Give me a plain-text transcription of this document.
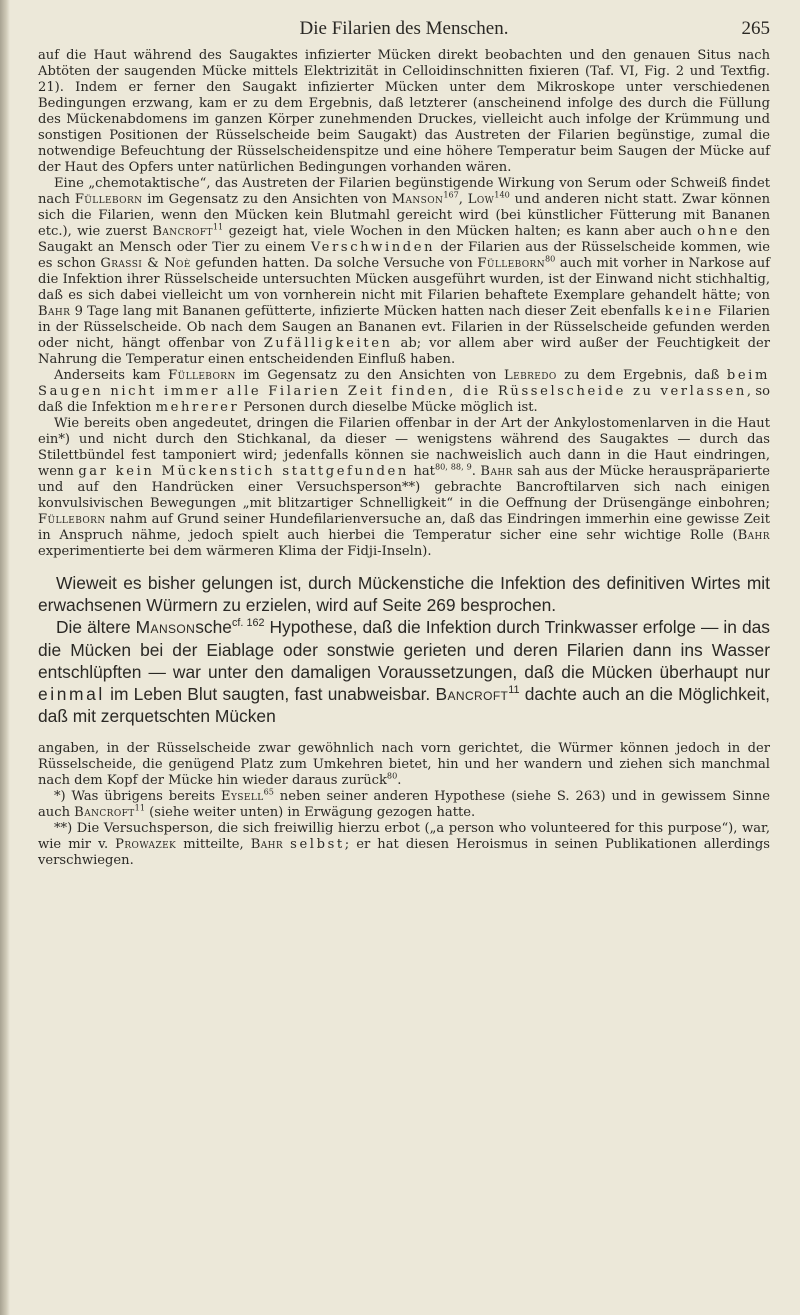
Die Filarien des Menschen.	265

auf die Haut während des Saugaktes infizierter Mücken direkt beobachten und den genauen Situs nach Abtöten der saugenden Mücke mittels Elektrizität in Celloidinschnitten fixieren (Taf. VI, Fig. 2 und Textfig. 21). Indem er ferner den Saugakt infizierter Mücken unter dem Mikroskope unter verschiedenen Bedingungen erzwang, kam er zu dem Ergebnis, daß letzterer (anscheinend infolge des durch die Füllung des Mückenabdomens im ganzen Körper zunehmenden Druckes, vielleicht auch infolge der Krümmung und sonstigen Positionen der Rüsselscheide beim Saugakt) das Austreten der Filarien begünstige, zumal die notwendige Befeuchtung der Rüsselscheidenspitze und eine höhere Temperatur beim Saugen der Mücke auf der Haut des Opfers unter natürlichen Bedingungen vorhanden wären.

Eine „chemotaktische“, das Austreten der Filarien begünstigende Wirkung von Serum oder Schweiß findet nach Fülleborn im Gegensatz zu den Ansichten von Manson$^{167}$, Low$^{140}$ und anderen nicht statt. Zwar können sich die Filarien, wenn den Mücken kein Blutmahl gereicht wird (bei künstlicher Fütterung mit Bananen etc.), wie zuerst Bancroft$^{11}$ gezeigt hat, viele Wochen in den Mücken halten; es kann aber auch ohne den Saugakt an Mensch oder Tier zu einem Verschwinden der Filarien aus der Rüsselscheide kommen, wie es schon Grassi & Noè gefunden hatten. Da solche Versuche von Fülleborn$^{80}$ auch mit vorher in Narkose auf die Infektion ihrer Rüsselscheide untersuchten Mücken ausgeführt wurden, ist der Einwand nicht stichhaltig, daß es sich dabei vielleicht um von vornherein nicht mit Filarien behaftete Exemplare gehandelt hätte; von Bahr 9 Tage lang mit Bananen gefütterte, infizierte Mücken hatten nach dieser Zeit ebenfalls keine Filarien in der Rüsselscheide. Ob nach dem Saugen an Bananen evt. Filarien in der Rüsselscheide gefunden werden oder nicht, hängt offenbar von Zufälligkeiten ab; vor allem aber wird außer der Feuchtigkeit der Nahrung die Temperatur einen entscheidenden Einfluß haben.

Anderseits kam Fülleborn im Gegensatz zu den Ansichten von Lebredo zu dem Ergebnis, daß beim Saugen nicht immer alle Filarien Zeit finden, die Rüsselscheide zu verlassen, so daß die Infektion mehrerer Personen durch dieselbe Mücke möglich ist.

Wie bereits oben angedeutet, dringen die Filarien offenbar in der Art der Ankylostomenlarven in die Haut ein*) und nicht durch den Stichkanal, da dieser — wenigstens während des Saugaktes — durch das Stilettbündel fest tamponiert wird; jedenfalls können sie nachweislich auch dann in die Haut eindringen, wenn gar kein Mückenstich stattgefunden hat$^{80, 88, 9}$. Bahr sah aus der Mücke herauspräparierte und auf den Handrücken einer Versuchsperson**) gebrachte Bancroftilarven sich nach einigen konvulsivischen Bewegungen „mit blitzartiger Schnelligkeit“ in die Oeffnung der Drüsengänge einbohren; Fülleborn nahm auf Grund seiner Hundefilarienversuche an, daß das Eindringen immerhin eine gewisse Zeit in Anspruch nähme, jedoch spielt auch hierbei die Temperatur sicher eine sehr wichtige Rolle (Bahr experimentierte bei dem wärmeren Klima der Fidji-Inseln).

Wieweit es bisher gelungen ist, durch Mückenstiche die Infektion des definitiven Wirtes mit erwachsenen Würmern zu erzielen, wird auf Seite 269 besprochen.

Die ältere Mansonsche$^{cf. 162}$ Hypothese, daß die Infektion durch Trinkwasser erfolge — in das die Mücken bei der Eiablage oder sonstwie gerieten und deren Filarien dann ins Wasser entschlüpften — war unter den damaligen Voraussetzungen, daß die Mücken überhaupt nur einmal im Leben Blut saugten, fast unabweisbar. Bancroft$^{11}$ dachte auch an die Möglichkeit, daß mit zerquetschten Mücken

angaben, in der Rüsselscheide zwar gewöhnlich nach vorn gerichtet, die Würmer können jedoch in der Rüsselscheide, die genügend Platz zum Umkehren bietet, hin und her wandern und ziehen sich manchmal nach dem Kopf der Mücke hin wieder daraus zurück$^{80}$.

*) Was übrigens bereits Eysell$^{65}$ neben seiner anderen Hypothese (siehe S. 263) und in gewissem Sinne auch Bancroft$^{11}$ (siehe weiter unten) in Erwägung gezogen hatte.

**) Die Versuchsperson, die sich freiwillig hierzu erbot („a person who volunteered for this purpose“), war, wie mir v. Prowazek mitteilte, Bahr selbst; er hat diesen Heroismus in seinen Publikationen allerdings verschwiegen.
